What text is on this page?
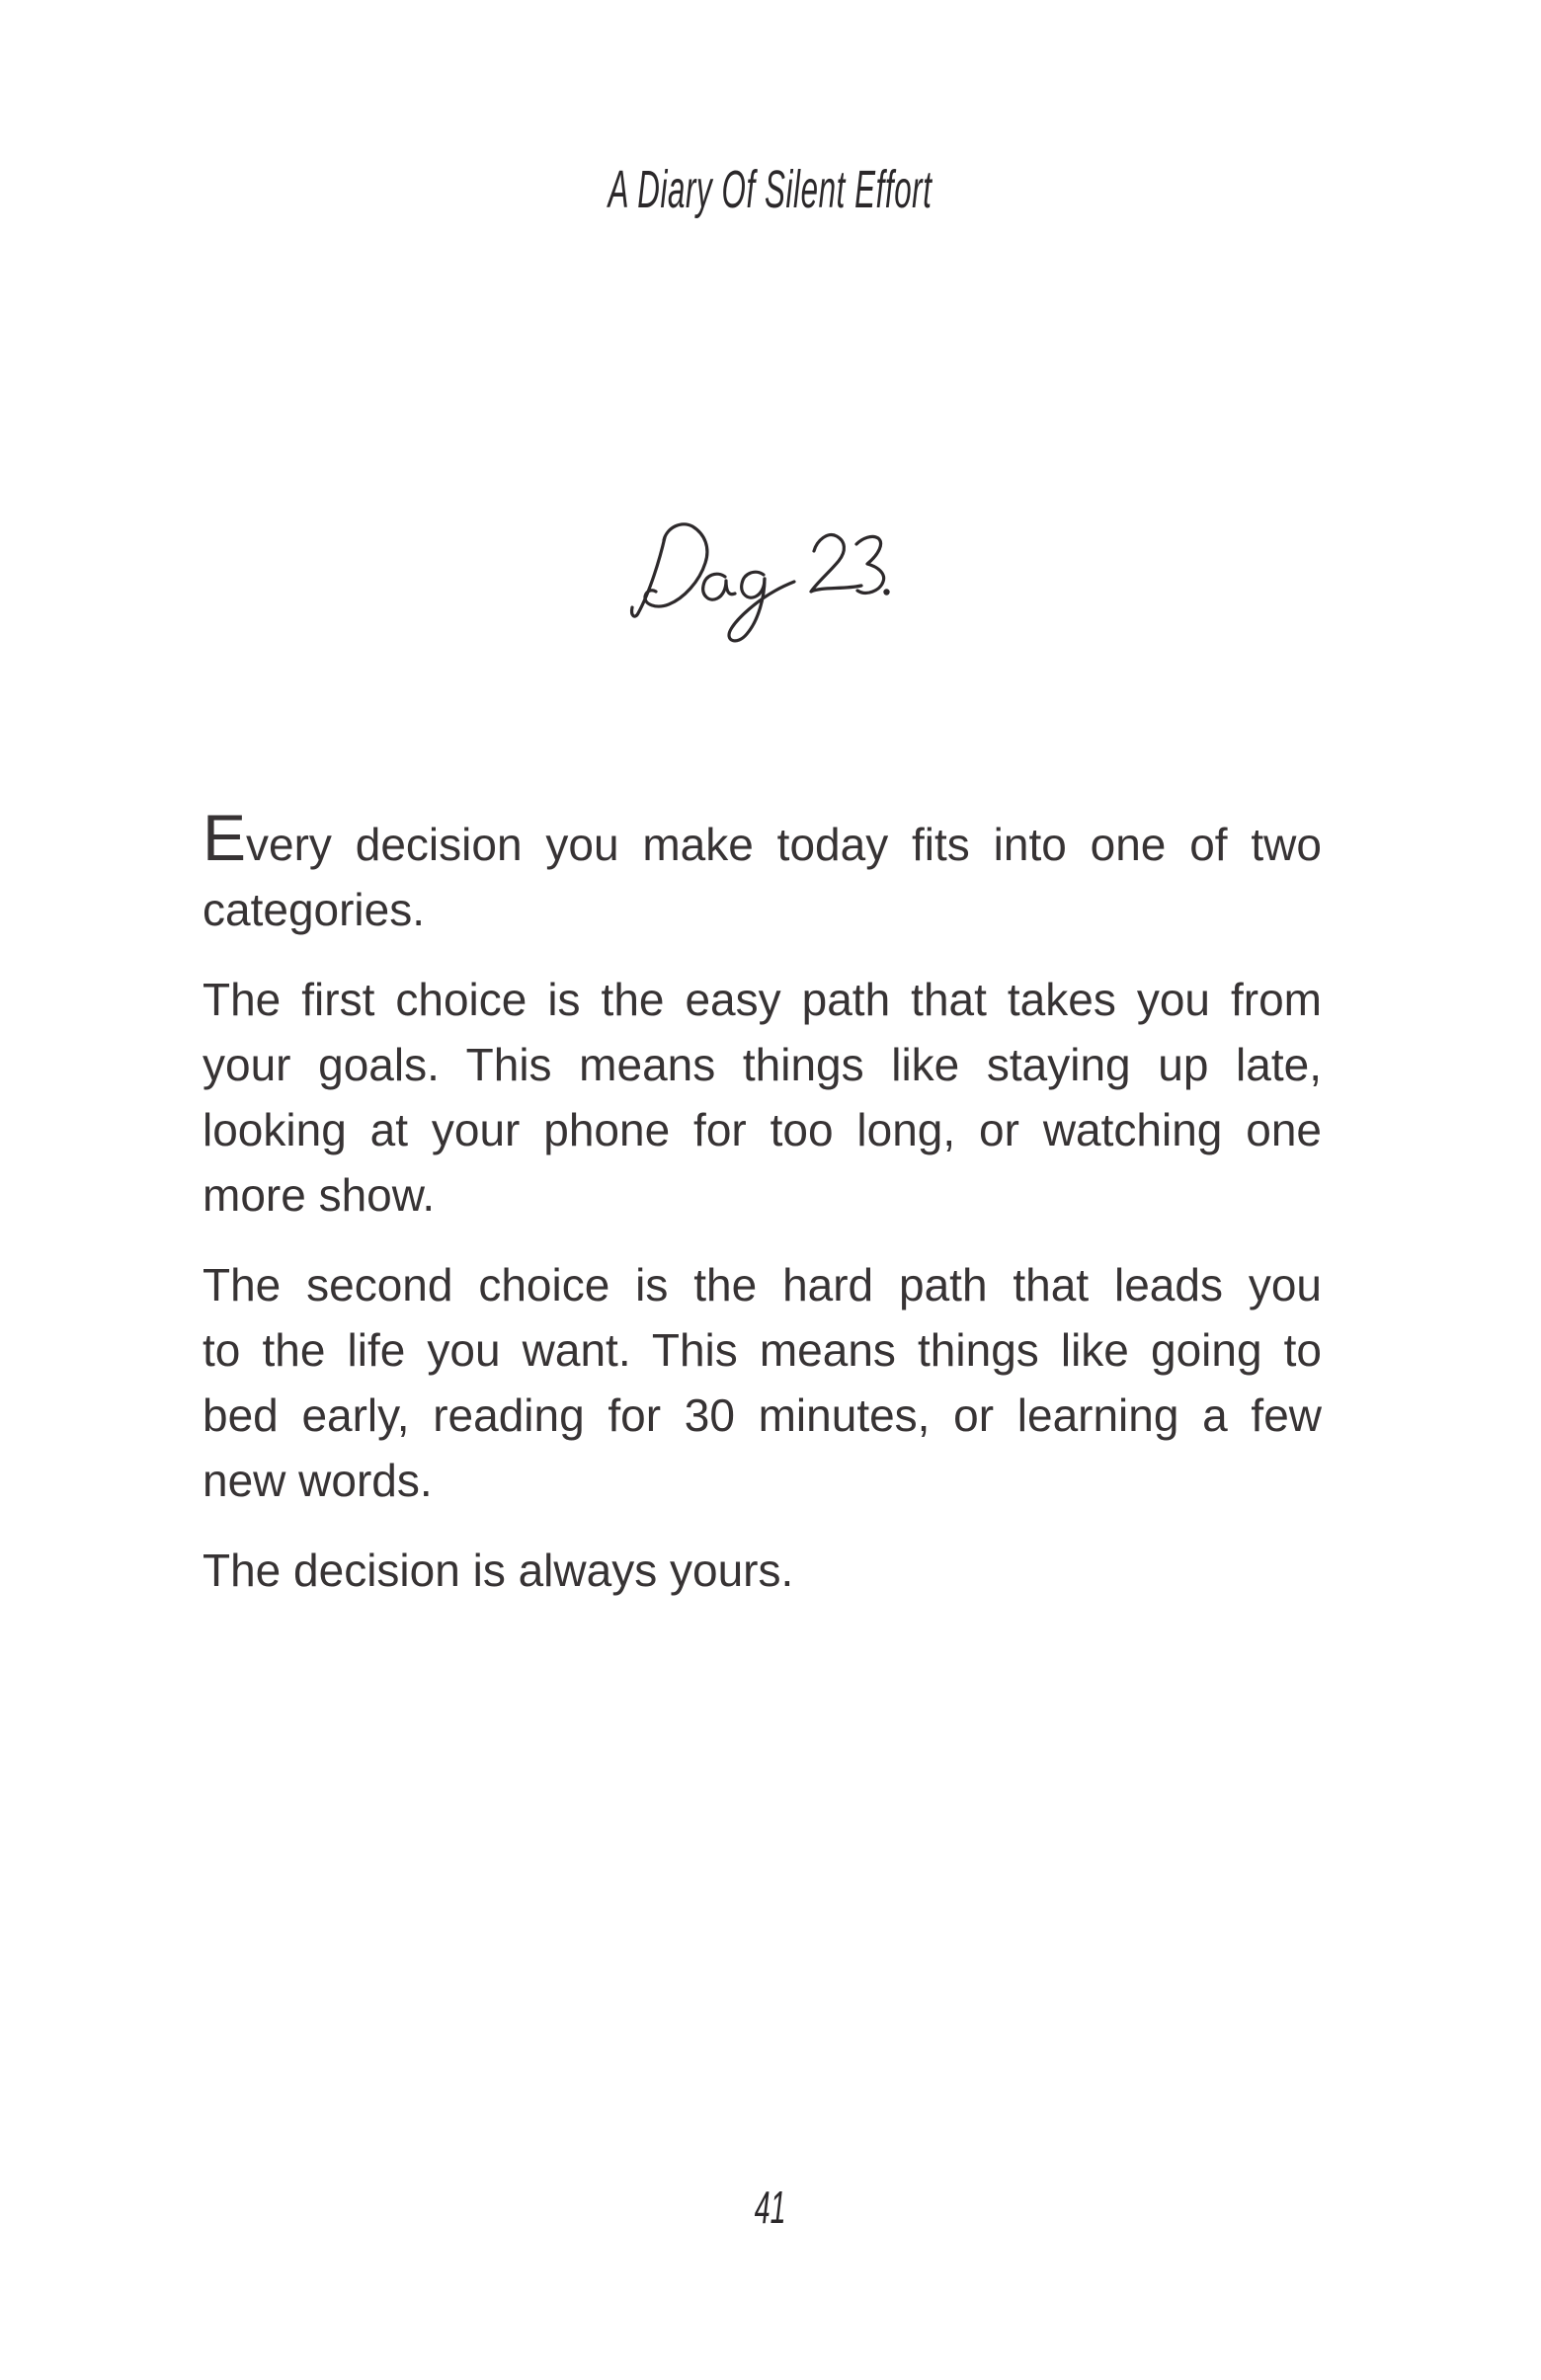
A Diary Of Silent Effort
Every decision you make today fits into one of two
categories.
The first choice is the easy path that takes you from
your goals. This means things like staying up late,
looking at your phone for too long, or watching one
more show.
The second choice is the hard path that leads you
to the life you want. This means things like going to
bed early, reading for 30 minutes, or learning a few
new words.
The decision is always yours.
41
